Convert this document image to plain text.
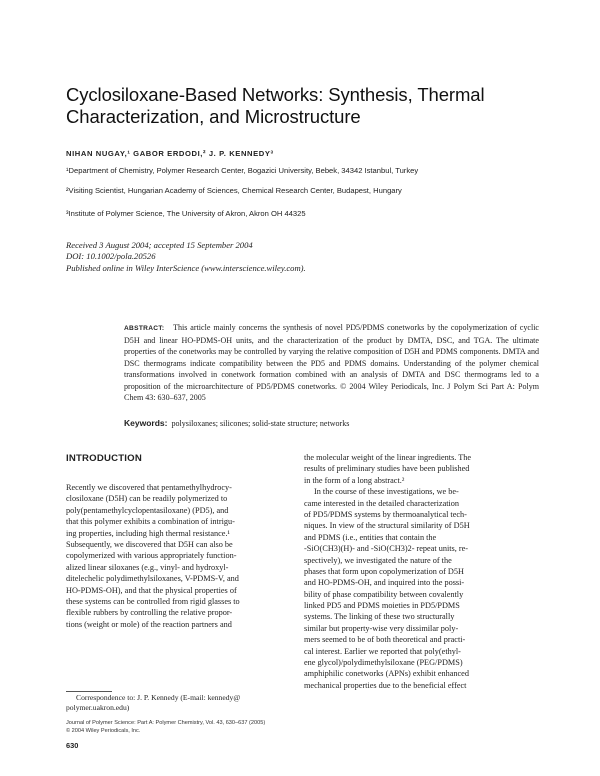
Cyclosiloxane-Based Networks: Synthesis, Thermal
Characterization, and Microstructure
NIHAN NUGAY,¹ GABOR ERDODI,² J. P. KENNEDY³
¹Department of Chemistry, Polymer Research Center, Bogazici University, Bebek, 34342 Istanbul, Turkey
²Visiting Scientist, Hungarian Academy of Sciences, Chemical Research Center, Budapest, Hungary
³Institute of Polymer Science, The University of Akron, Akron OH 44325
Received 3 August 2004; accepted 15 September 2004
DOI: 10.1002/pola.20526
Published online in Wiley InterScience (www.interscience.wiley.com).
ABSTRACT: This article mainly concerns the synthesis of novel PD5/PDMS conetworks by the copolymerization of cyclic D5H and linear HO-PDMS-OH units, and the characterization of the product by DMTA, DSC, and TGA. The ultimate properties of the conetworks may be controlled by varying the relative composition of D5H and PDMS components. DMTA and DSC thermograms indicate compatibility between the PD5 and PDMS domains. Understanding of the polymer chemical transformations involved in conetwork formation combined with an analysis of DMTA and DSC thermograms led to a proposition of the microarchitecture of PD5/PDMS conetworks. © 2004 Wiley Periodicals, Inc. J Polym Sci Part A: Polym Chem 43: 630–637, 2005
Keywords: polysiloxanes; silicones; solid-state structure; networks
INTRODUCTION
Recently we discovered that pentamethylhydrocy-
closiloxane (D5H) can be readily polymerized to
poly(pentamethylcyclopentasiloxane) (PD5), and
that this polymer exhibits a combination of intrigu-
ing properties, including high thermal resistance.¹
Subsequently, we discovered that D5H can also be
copolymerized with various appropriately function-
alized linear siloxanes (e.g., vinyl- and hydroxyl-
ditelechelic polydimethylsiloxanes, V-PDMS-V, and
HO-PDMS-OH), and that the physical properties of
these systems can be controlled from rigid glasses to
flexible rubbers by controlling the relative propor-
tions (weight or mole) of the reaction partners and
the molecular weight of the linear ingredients. The
results of preliminary studies have been published
in the form of a long abstract.²
In the course of these investigations, we be-
came interested in the detailed characterization
of PD5/PDMS systems by thermoanalytical tech-
niques. In view of the structural similarity of D5H
and PDMS (i.e., entities that contain the
-SiO(CH3)(H)- and -SiO(CH3)2- repeat units, re-
spectively), we investigated the nature of the
phases that form upon copolymerization of D5H
and HO-PDMS-OH, and inquired into the possi-
bility of phase compatibility between covalently
linked PD5 and PDMS moieties in PD5/PDMS
systems. The linking of these two structurally
similar but property-wise very dissimilar poly-
mers seemed to be of both theoretical and practi-
cal interest. Earlier we reported that poly(ethyl-
ene glycol)/polydimethylsiloxane (PEG/PDMS)
amphiphilic conetworks (APNs) exhibit enhanced
mechanical properties due to the beneficial effect
Correspondence to: J. P. Kennedy (E-mail: kennedy@
polymer.uakron.edu)
Journal of Polymer Science: Part A: Polymer Chemistry, Vol. 43, 630–637 (2005)
© 2004 Wiley Periodicals, Inc.
630
